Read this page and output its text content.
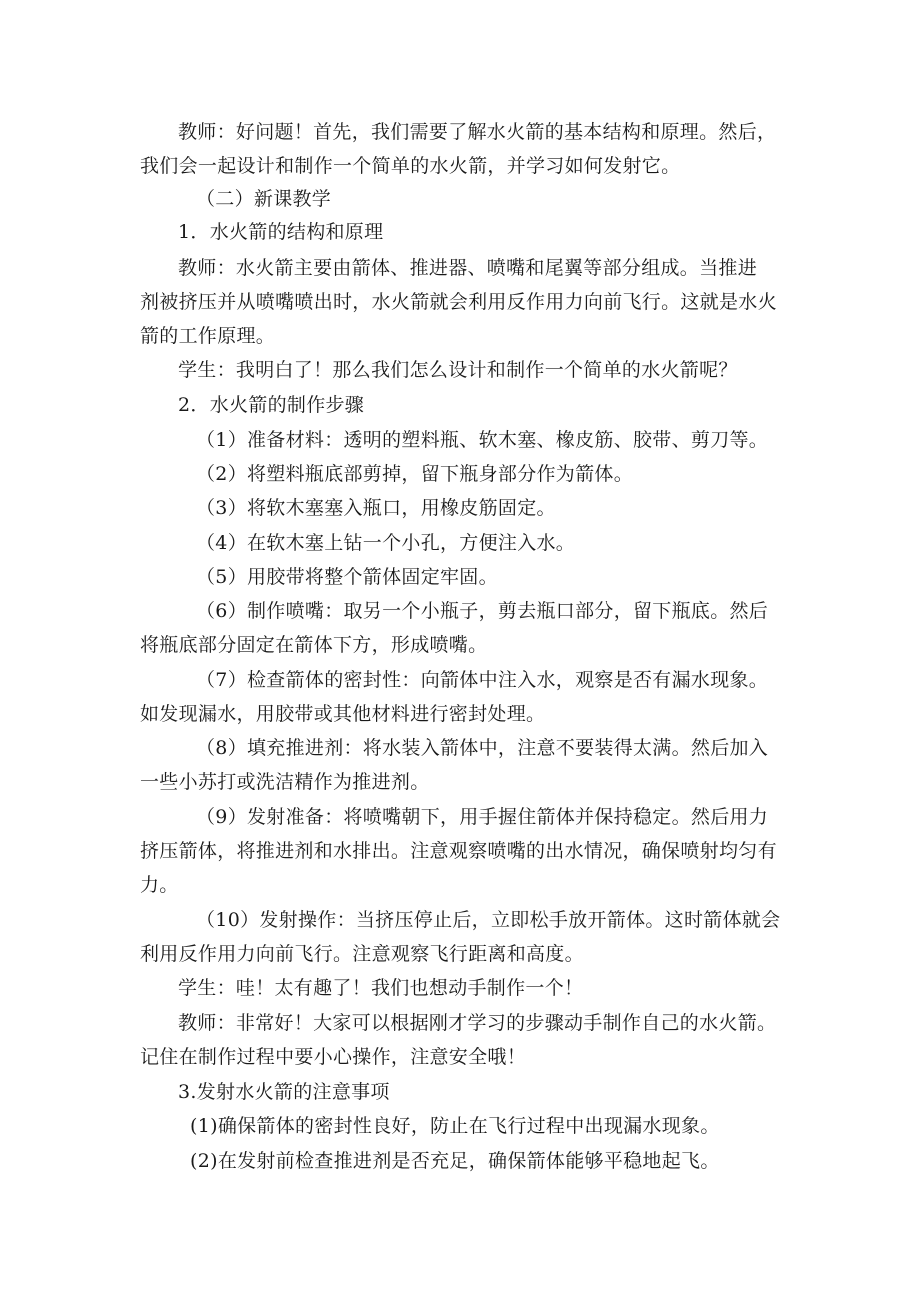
教师：好问题！首先，我们需要了解水火箭的基本结构和原理。然后，
我们会一起设计和制作一个简单的水火箭，并学习如何发射它。
（二）新课教学
1．水火箭的结构和原理
教师：水火箭主要由箭体、推进器、喷嘴和尾翼等部分组成。当推进
剂被挤压并从喷嘴喷出时，水火箭就会利用反作用力向前飞行。这就是水火
箭的工作原理。
学生：我明白了！那么我们怎么设计和制作一个简单的水火箭呢？
2．水火箭的制作步骤
（1）准备材料：透明的塑料瓶、软木塞、橡皮筋、胶带、剪刀等。
（2）将塑料瓶底部剪掉，留下瓶身部分作为箭体。
（3）将软木塞塞入瓶口，用橡皮筋固定。
（4）在软木塞上钻一个小孔，方便注入水。
（5）用胶带将整个箭体固定牢固。
（6）制作喷嘴：取另一个小瓶子，剪去瓶口部分，留下瓶底。然后
将瓶底部分固定在箭体下方，形成喷嘴。
（7）检查箭体的密封性：向箭体中注入水，观察是否有漏水现象。
如发现漏水，用胶带或其他材料进行密封处理。
（8）填充推进剂：将水装入箭体中，注意不要装得太满。然后加入
一些小苏打或洗洁精作为推进剂。
（9）发射准备：将喷嘴朝下，用手握住箭体并保持稳定。然后用力
挤压箭体，将推进剂和水排出。注意观察喷嘴的出水情况，确保喷射均匀有
力。
（10）发射操作：当挤压停止后，立即松手放开箭体。这时箭体就会
利用反作用力向前飞行。注意观察飞行距离和高度。
学生：哇！太有趣了！我们也想动手制作一个！
教师：非常好！大家可以根据刚才学习的步骤动手制作自己的水火箭。
记住在制作过程中要小心操作，注意安全哦！
3.发射水火箭的注意事项
(1)确保箭体的密封性良好，防止在飞行过程中出现漏水现象。
(2)在发射前检查推进剂是否充足，确保箭体能够平稳地起飞。
